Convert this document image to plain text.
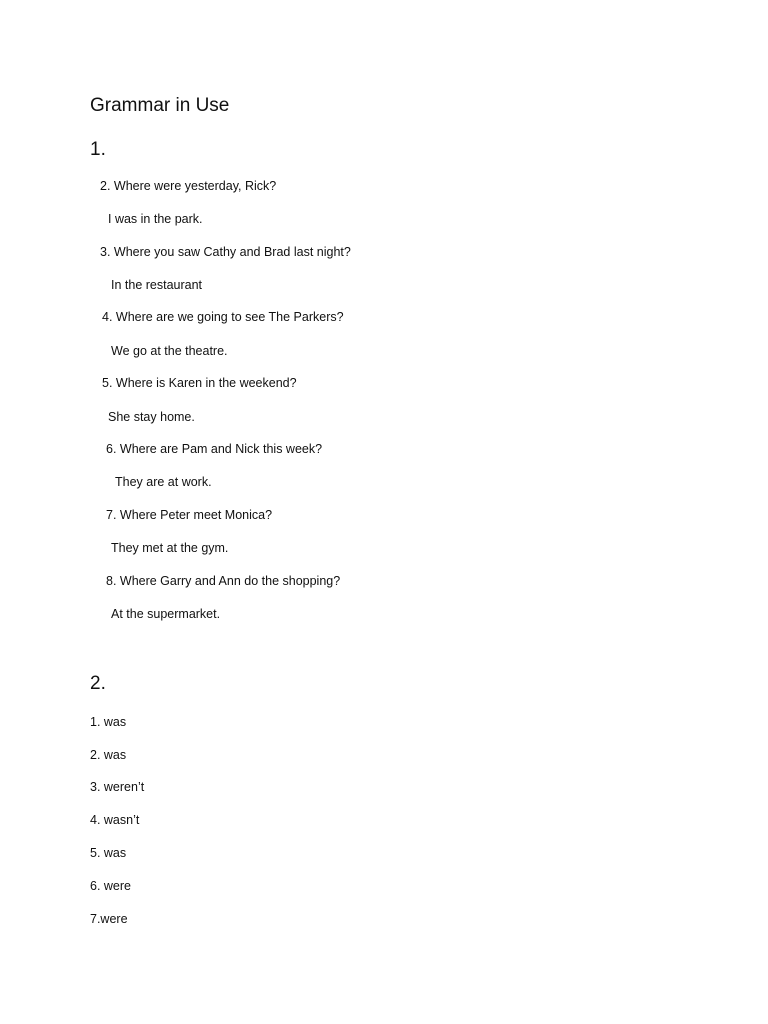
Grammar in Use
1.
2. Where were yesterday, Rick?
I was in the park.
3. Where you saw Cathy and Brad last night?
In the restaurant
4. Where are we going to see The Parkers?
We go at the theatre.
5. Where is Karen in the weekend?
She stay home.
6. Where are Pam and Nick this week?
They are at work.
7. Where Peter meet Monica?
They met at the gym.
8. Where Garry and Ann do the shopping?
At the supermarket.
2.
1. was
2. was
3. weren’t
4. wasn’t
5. was
6. were
7.were
